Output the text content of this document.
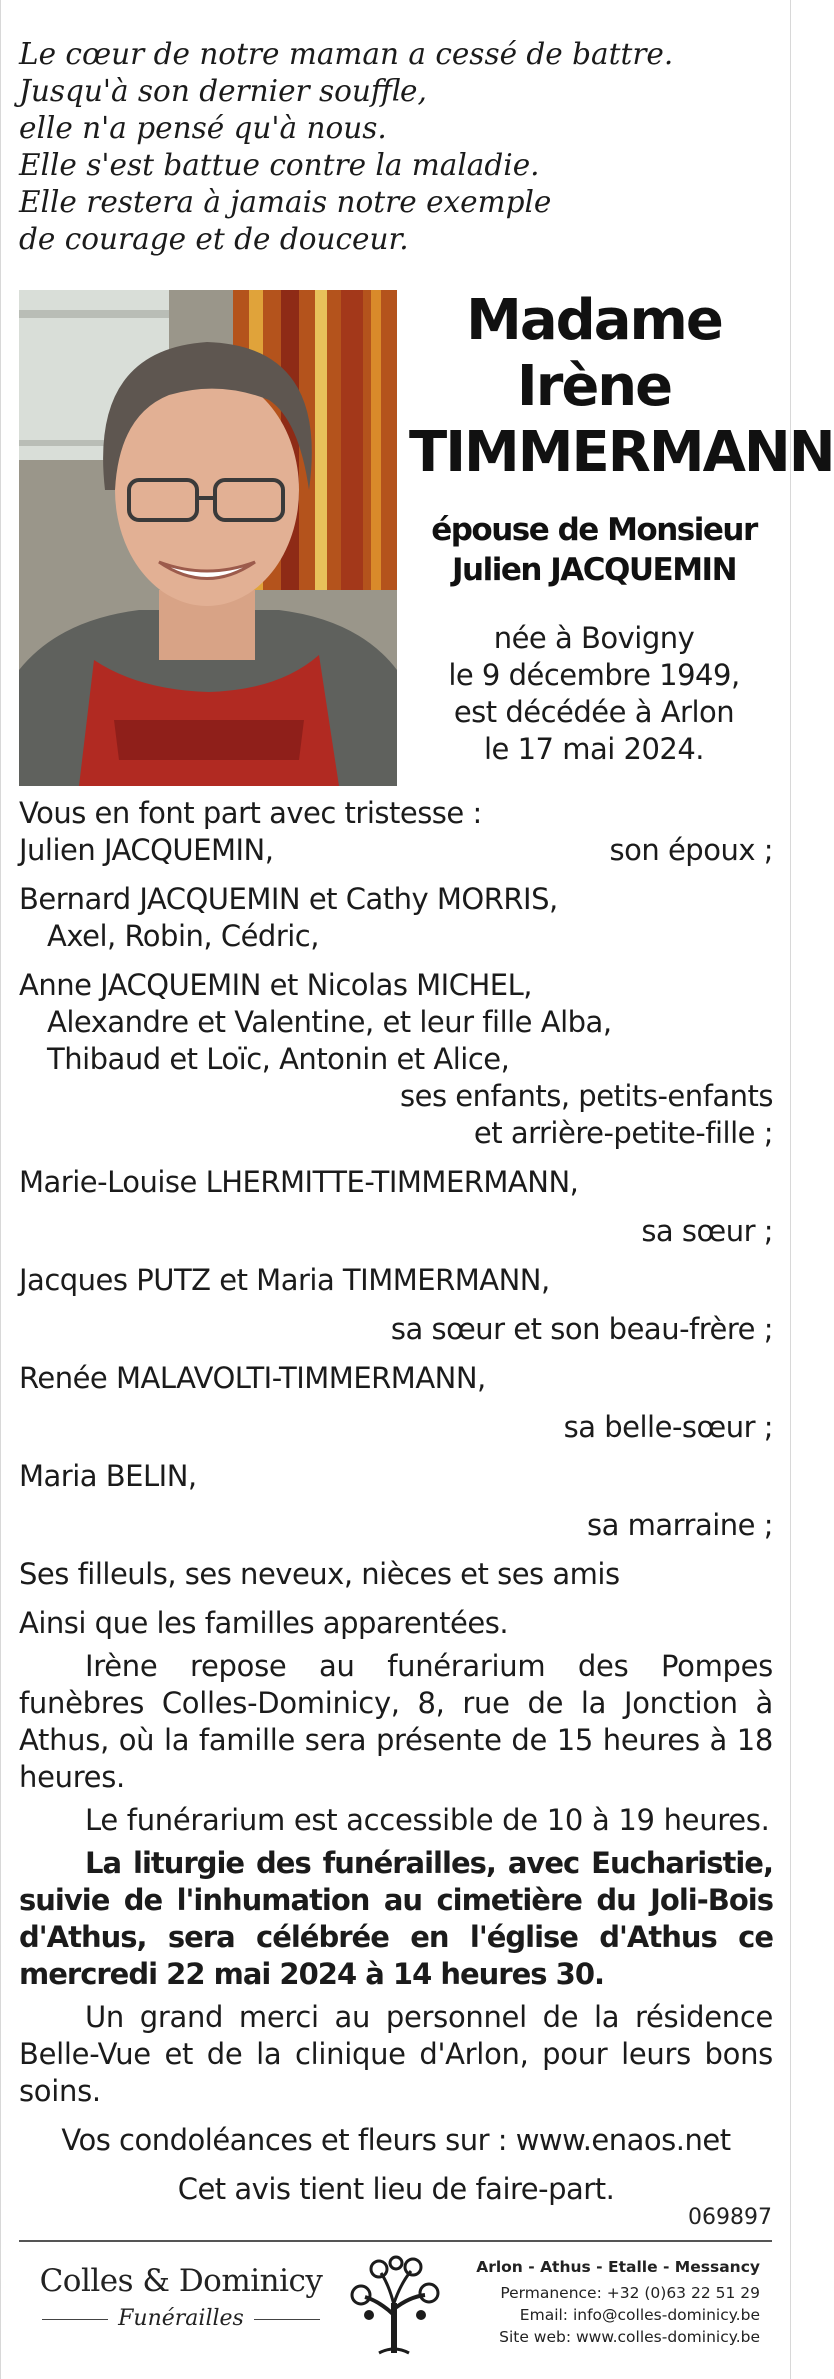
Le cœur de notre maman a cessé de battre.
Jusqu'à son dernier souffle,
elle n'a pensé qu'à nous.
Elle s'est battue contre la maladie.
Elle restera à jamais notre exemple
de courage et de douceur.
Madame
Irène
TIMMERMANN
épouse de Monsieur
Julien JACQUEMIN
née à Bovigny
le 9 décembre 1949,
est décédée à Arlon
le 17 mai 2024.
Vous en font part avec tristesse :
Julien JACQUEMIN,	son époux ;
Bernard JACQUEMIN et Cathy MORRIS,
Axel, Robin, Cédric,
Anne JACQUEMIN et Nicolas MICHEL,
Alexandre et Valentine, et leur fille Alba,
Thibaud et Loïc, Antonin et Alice,
ses enfants, petits-enfants
et arrière-petite-fille ;
Marie-Louise LHERMITTE-TIMMERMANN,
sa sœur ;
Jacques PUTZ et Maria TIMMERMANN,
sa sœur et son beau-frère ;
Renée MALAVOLTI-TIMMERMANN,
sa belle-sœur ;
Maria BELIN,
sa marraine ;
Ses filleuls, ses neveux, nièces et ses amis
Ainsi que les familles apparentées.
Irène repose au funérarium des Pompes funèbres Colles-Dominicy, 8, rue de la Jonction à Athus, où la famille sera présente de 15 heures à 18 heures.
Le funérarium est accessible de 10 à 19 heures.
La liturgie des funérailles, avec Eucharistie, suivie de l'inhumation au cimetière du Joli-Bois d'Athus, sera célébrée en l'église d'Athus ce mercredi 22 mai 2024 à 14 heures 30.
Un grand merci au personnel de la résidence Belle-Vue et de la clinique d'Arlon, pour leurs bons soins.
Vos condoléances et fleurs sur : www.enaos.net
Cet avis tient lieu de faire-part.
069897
Colles & Dominicy
Funérailles
Arlon - Athus - Etalle - Messancy
Permanence: +32 (0)63 22 51 29
Email: info@colles-dominicy.be
Site web: www.colles-dominicy.be
